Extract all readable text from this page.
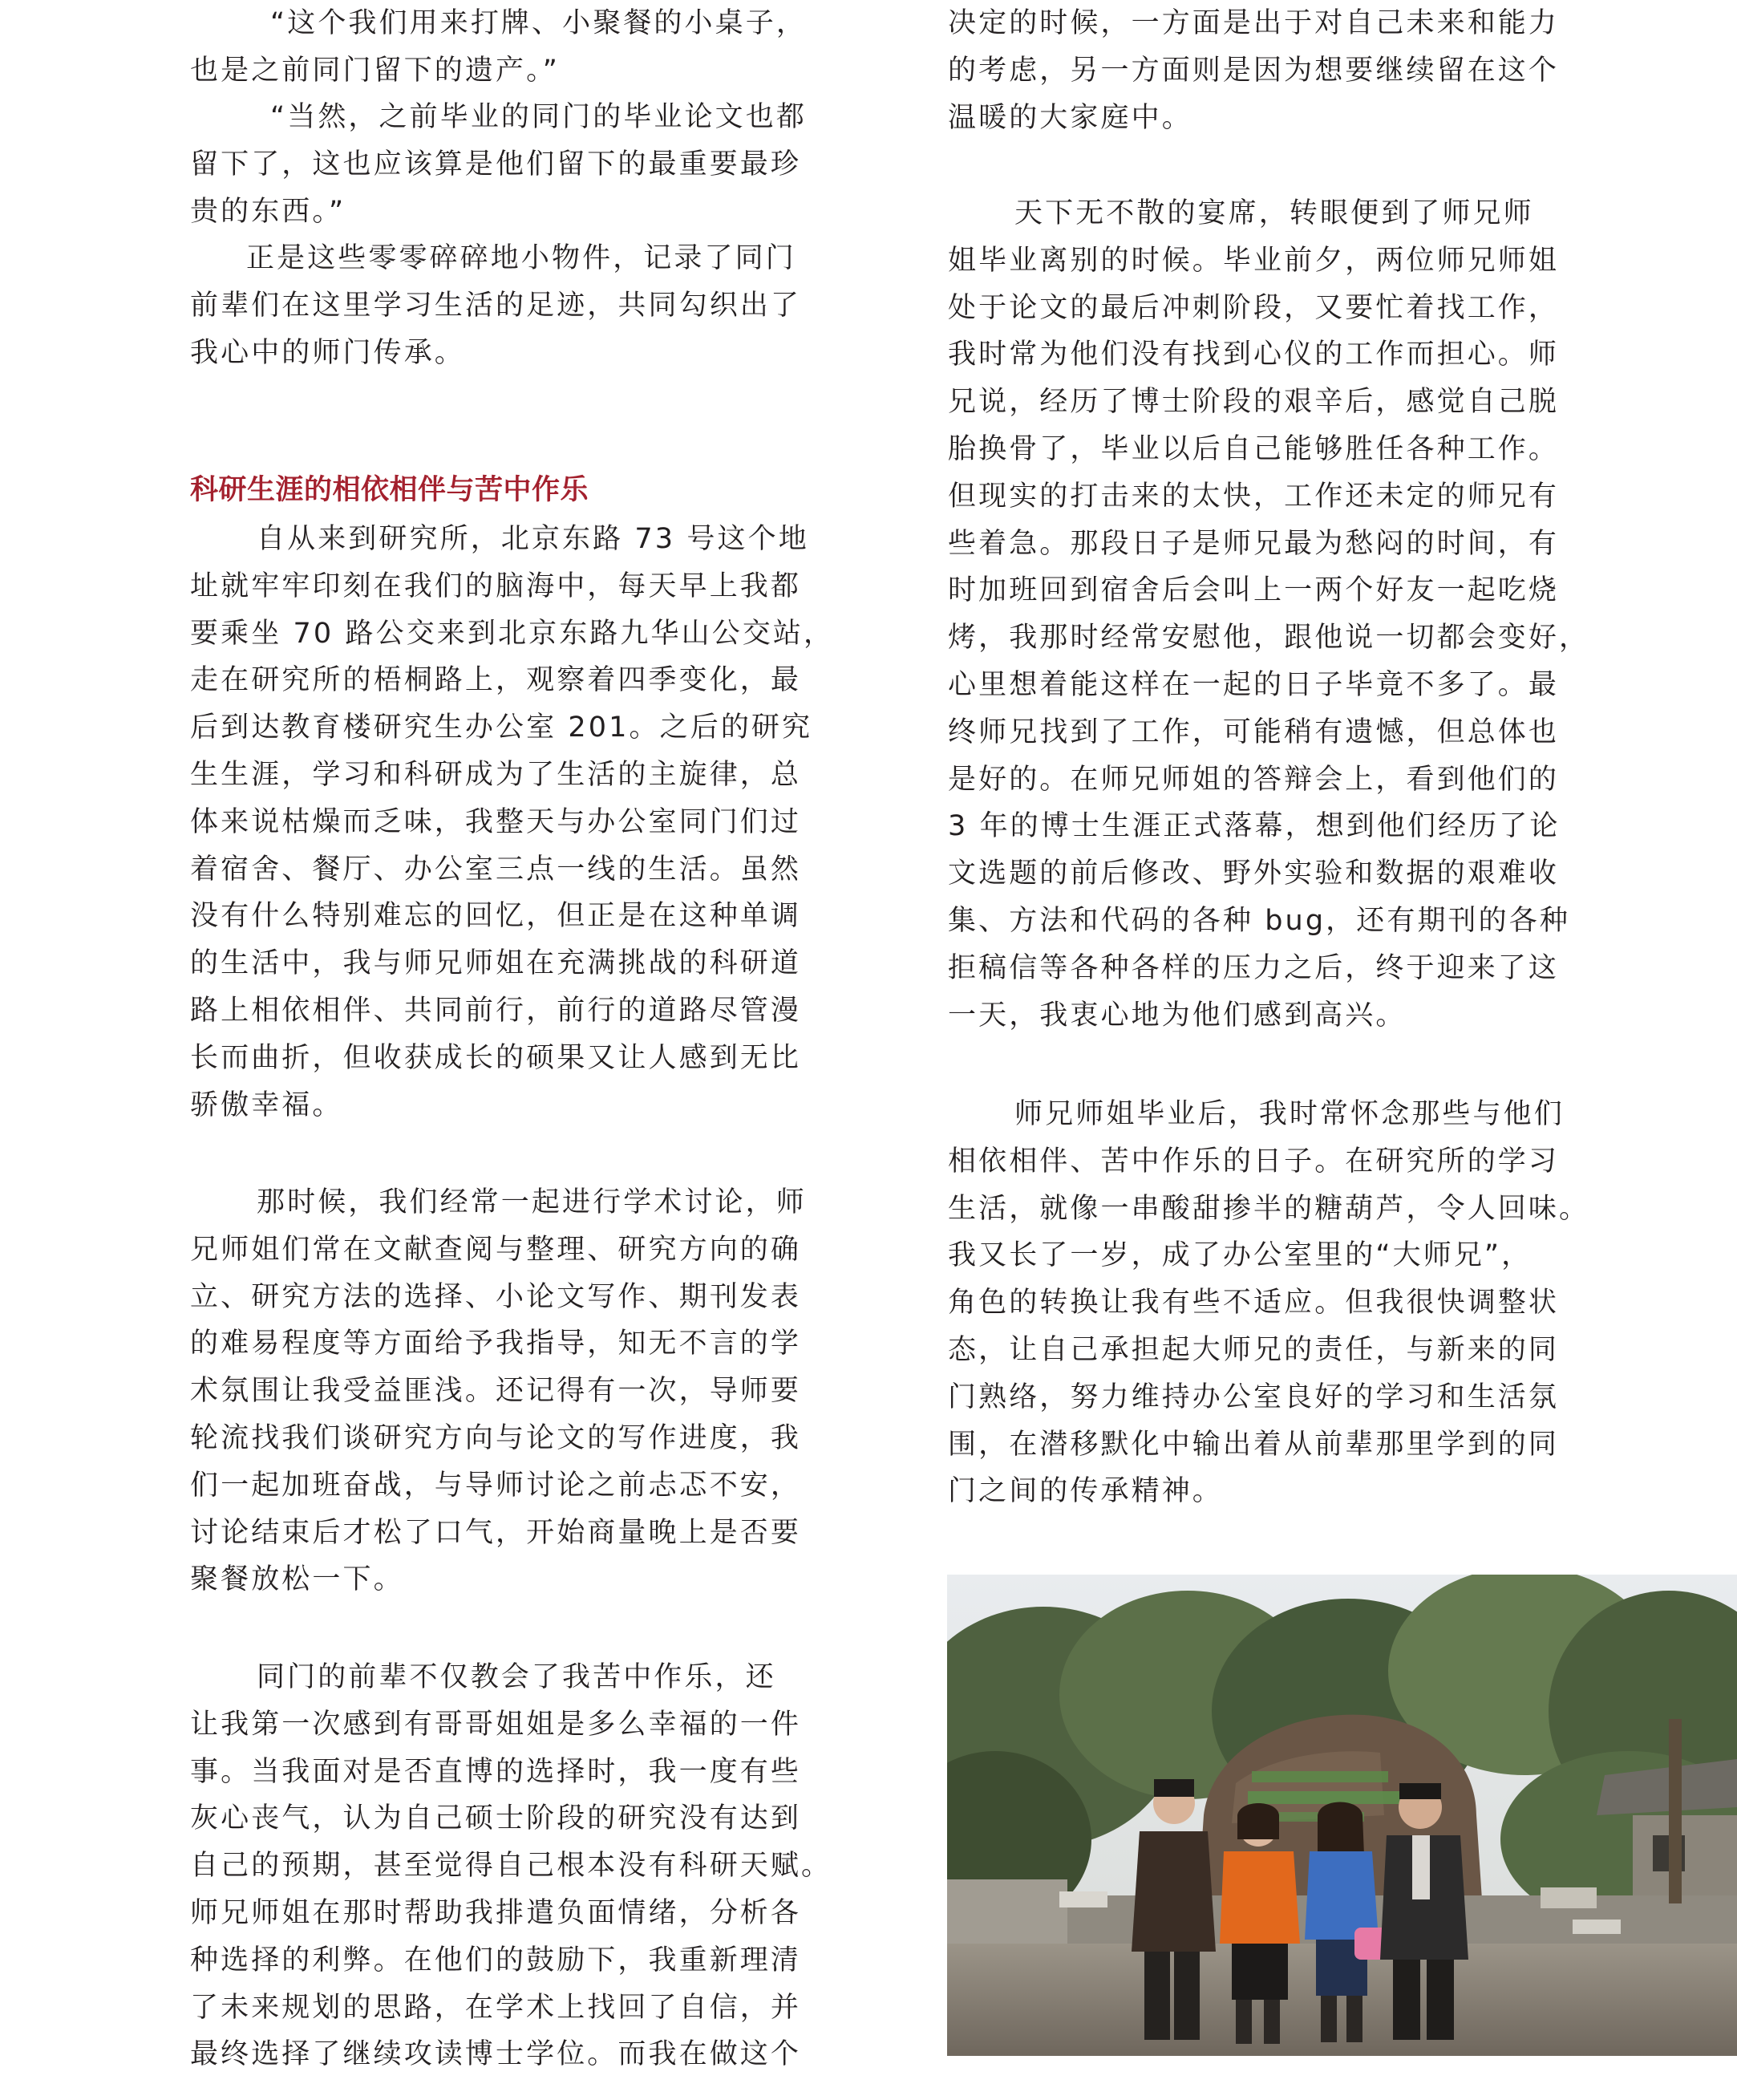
“这个我们用来打牌、小聚餐的小桌子，
也是之前同门留下的遗产。”

“当然，之前毕业的同门的毕业论文也都
留下了，这也应该算是他们留下的最重要最珍
贵的东西。”

正是这些零零碎碎地小物件，记录了同门
前辈们在这里学习生活的足迹，共同勾织出了
我心中的师门传承。

科研生涯的相依相伴与苦中作乐

自从来到研究所，北京东路 73 号这个地
址就牢牢印刻在我们的脑海中，每天早上我都
要乘坐 70 路公交来到北京东路九华山公交站，
走在研究所的梧桐路上，观察着四季变化，最
后到达教育楼研究生办公室 201。之后的研究
生生涯，学习和科研成为了生活的主旋律，总
体来说枯燥而乏味，我整天与办公室同门们过
着宿舍、餐厅、办公室三点一线的生活。虽然
没有什么特别难忘的回忆，但正是在这种单调
的生活中，我与师兄师姐在充满挑战的科研道
路上相依相伴、共同前行，前行的道路尽管漫
长而曲折，但收获成长的硕果又让人感到无比
骄傲幸福。

那时候，我们经常一起进行学术讨论，师
兄师姐们常在文献查阅与整理、研究方向的确
立、研究方法的选择、小论文写作、期刊发表
的难易程度等方面给予我指导，知无不言的学
术氛围让我受益匪浅。还记得有一次，导师要
轮流找我们谈研究方向与论文的写作进度，我
们一起加班奋战，与导师讨论之前忐忑不安，
讨论结束后才松了口气，开始商量晚上是否要
聚餐放松一下。

同门的前辈不仅教会了我苦中作乐，还
让我第一次感到有哥哥姐姐是多么幸福的一件
事。当我面对是否直博的选择时，我一度有些
灰心丧气，认为自己硕士阶段的研究没有达到
自己的预期，甚至觉得自己根本没有科研天赋。
师兄师姐在那时帮助我排遣负面情绪，分析各
种选择的利弊。在他们的鼓励下，我重新理清
了未来规划的思路，在学术上找回了自信，并
最终选择了继续攻读博士学位。而我在做这个

决定的时候，一方面是出于对自己未来和能力
的考虑，另一方面则是因为想要继续留在这个
温暖的大家庭中。

天下无不散的宴席，转眼便到了师兄师
姐毕业离别的时候。毕业前夕，两位师兄师姐
处于论文的最后冲刺阶段，又要忙着找工作，
我时常为他们没有找到心仪的工作而担心。师
兄说，经历了博士阶段的艰辛后，感觉自己脱
胎换骨了，毕业以后自己能够胜任各种工作。
但现实的打击来的太快，工作还未定的师兄有
些着急。那段日子是师兄最为愁闷的时间，有
时加班回到宿舍后会叫上一两个好友一起吃烧
烤，我那时经常安慰他，跟他说一切都会变好，
心里想着能这样在一起的日子毕竟不多了。最
终师兄找到了工作，可能稍有遗憾，但总体也
是好的。在师兄师姐的答辩会上，看到他们的
3 年的博士生涯正式落幕，想到他们经历了论
文选题的前后修改、野外实验和数据的艰难收
集、方法和代码的各种 bug，还有期刊的各种
拒稿信等各种各样的压力之后，终于迎来了这
一天，我衷心地为他们感到高兴。

师兄师姐毕业后，我时常怀念那些与他们
相依相伴、苦中作乐的日子。在研究所的学习
生活，就像一串酸甜掺半的糖葫芦，令人回味。
我又长了一岁，成了办公室里的“大师兄”，
角色的转换让我有些不适应。但我很快调整状
态，让自己承担起大师兄的责任，与新来的同
门熟络，努力维持办公室良好的学习和生活氛
围，在潜移默化中输出着从前辈那里学到的同
门之间的传承精神。
